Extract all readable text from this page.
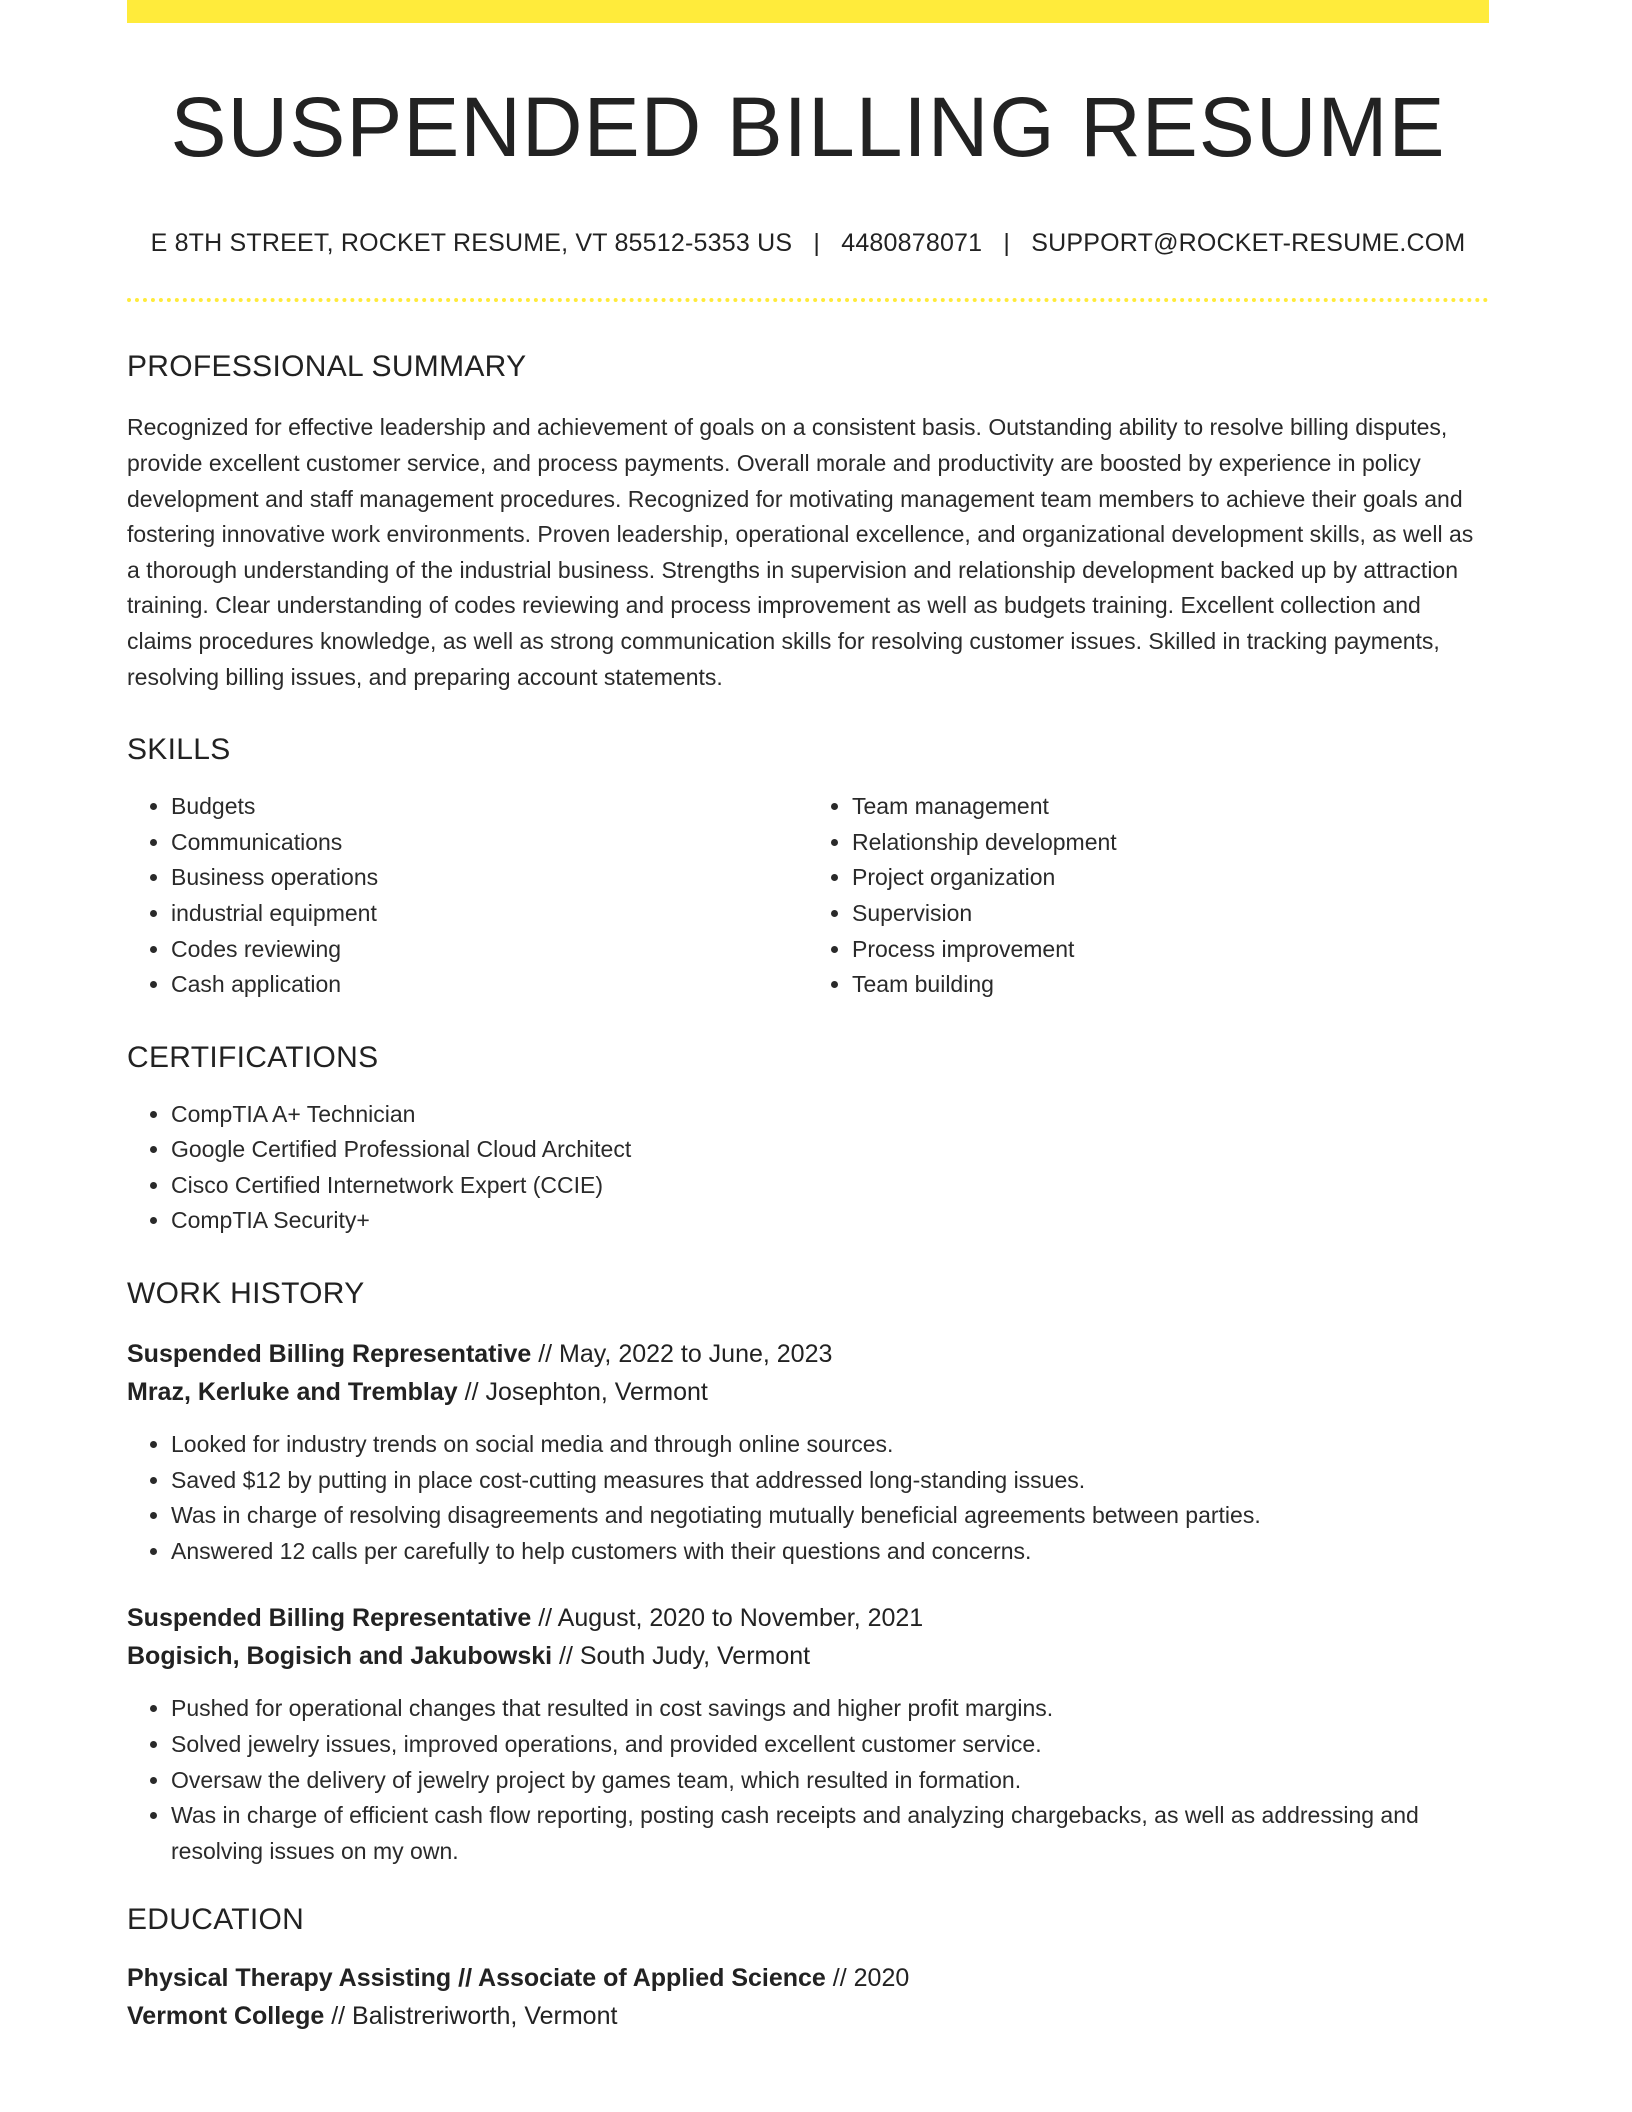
SUSPENDED BILLING RESUME
E 8TH STREET, ROCKET RESUME, VT 85512-5353 US | 4480878071 | SUPPORT@ROCKET-RESUME.COM
PROFESSIONAL SUMMARY

Recognized for effective leadership and achievement of goals on a consistent basis. Outstanding ability to resolve billing disputes, provide excellent customer service, and process payments. Overall morale and productivity are boosted by experience in policy development and staff management procedures. Recognized for motivating management team members to achieve their goals and fostering innovative work environments. Proven leadership, operational excellence, and organizational development skills, as well as a thorough understanding of the industrial business. Strengths in supervision and relationship development backed up by attraction training. Clear understanding of codes reviewing and process improvement as well as budgets training. Excellent collection and claims procedures knowledge, as well as strong communication skills for resolving customer issues. Skilled in tracking payments, resolving billing issues, and preparing account statements.

SKILLS
• Budgets
• Communications
• Business operations
• industrial equipment
• Codes reviewing
• Cash application
• Team management
• Relationship development
• Project organization
• Supervision
• Process improvement
• Team building
CERTIFICATIONS
• CompTIA A+ Technician
• Google Certified Professional Cloud Architect
• Cisco Certified Internetwork Expert (CCIE)
• CompTIA Security+
WORK HISTORY
Suspended Billing Representative // May, 2022 to June, 2023
Mraz, Kerluke and Tremblay // Josephton, Vermont
• Looked for industry trends on social media and through online sources.
• Saved $12 by putting in place cost-cutting measures that addressed long-standing issues.
• Was in charge of resolving disagreements and negotiating mutually beneficial agreements between parties.
• Answered 12 calls per carefully to help customers with their questions and concerns.
Suspended Billing Representative // August, 2020 to November, 2021
Bogisich, Bogisich and Jakubowski // South Judy, Vermont
• Pushed for operational changes that resulted in cost savings and higher profit margins.
• Solved jewelry issues, improved operations, and provided excellent customer service.
• Oversaw the delivery of jewelry project by games team, which resulted in formation.
• Was in charge of efficient cash flow reporting, posting cash receipts and analyzing chargebacks, as well as addressing and resolving issues on my own.
EDUCATION
Physical Therapy Assisting // Associate of Applied Science // 2020
Vermont College // Balistreriworth, Vermont
